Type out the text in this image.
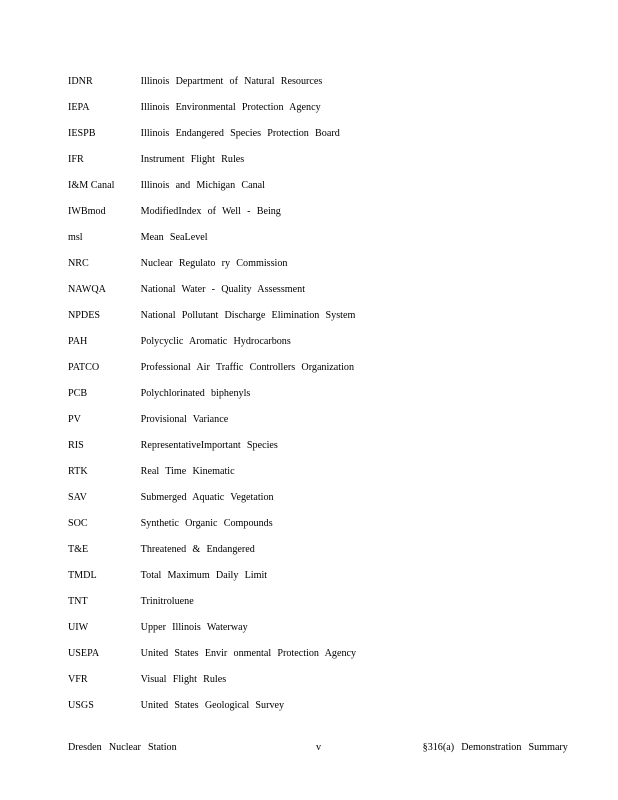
IDNR	Illinois Department of Natural Resources
IEPA	Illinois Environmental Protection Agency
IESPB	Illinois Endangered Species Protection Board
IFR	Instrument Flight Rules
I&M Canal	Illinois and Michigan Canal
IWBmod	ModifiedIndex of Well - Being
msl	Mean SeaLevel
NRC	Nuclear Regulato ry Commission
NAWQA	National Water - Quality Assessment
NPDES	National Pollutant Discharge Elimination System
PAH	Polycyclic Aromatic Hydrocarbons
PATCO	Professional Air Traffic Controllers Organization
PCB	Polychlorinated biphenyls
PV	Provisional Variance
RIS	RepresentativeImportant Species
RTK	Real Time Kinematic
SAV	Submerged Aquatic Vegetation
SOC	Synthetic Organic Compounds
T&E	Threatened & Endangered
TMDL	Total Maximum Daily Limit
TNT	Trinitroluene
UIW	Upper Illinois Waterway
USEPA	United States Envir onmental Protection Agency
VFR	Visual Flight Rules
USGS	United States Geological Survey
Dresden Nuclear Station	v	§316(a) Demonstration Summary
